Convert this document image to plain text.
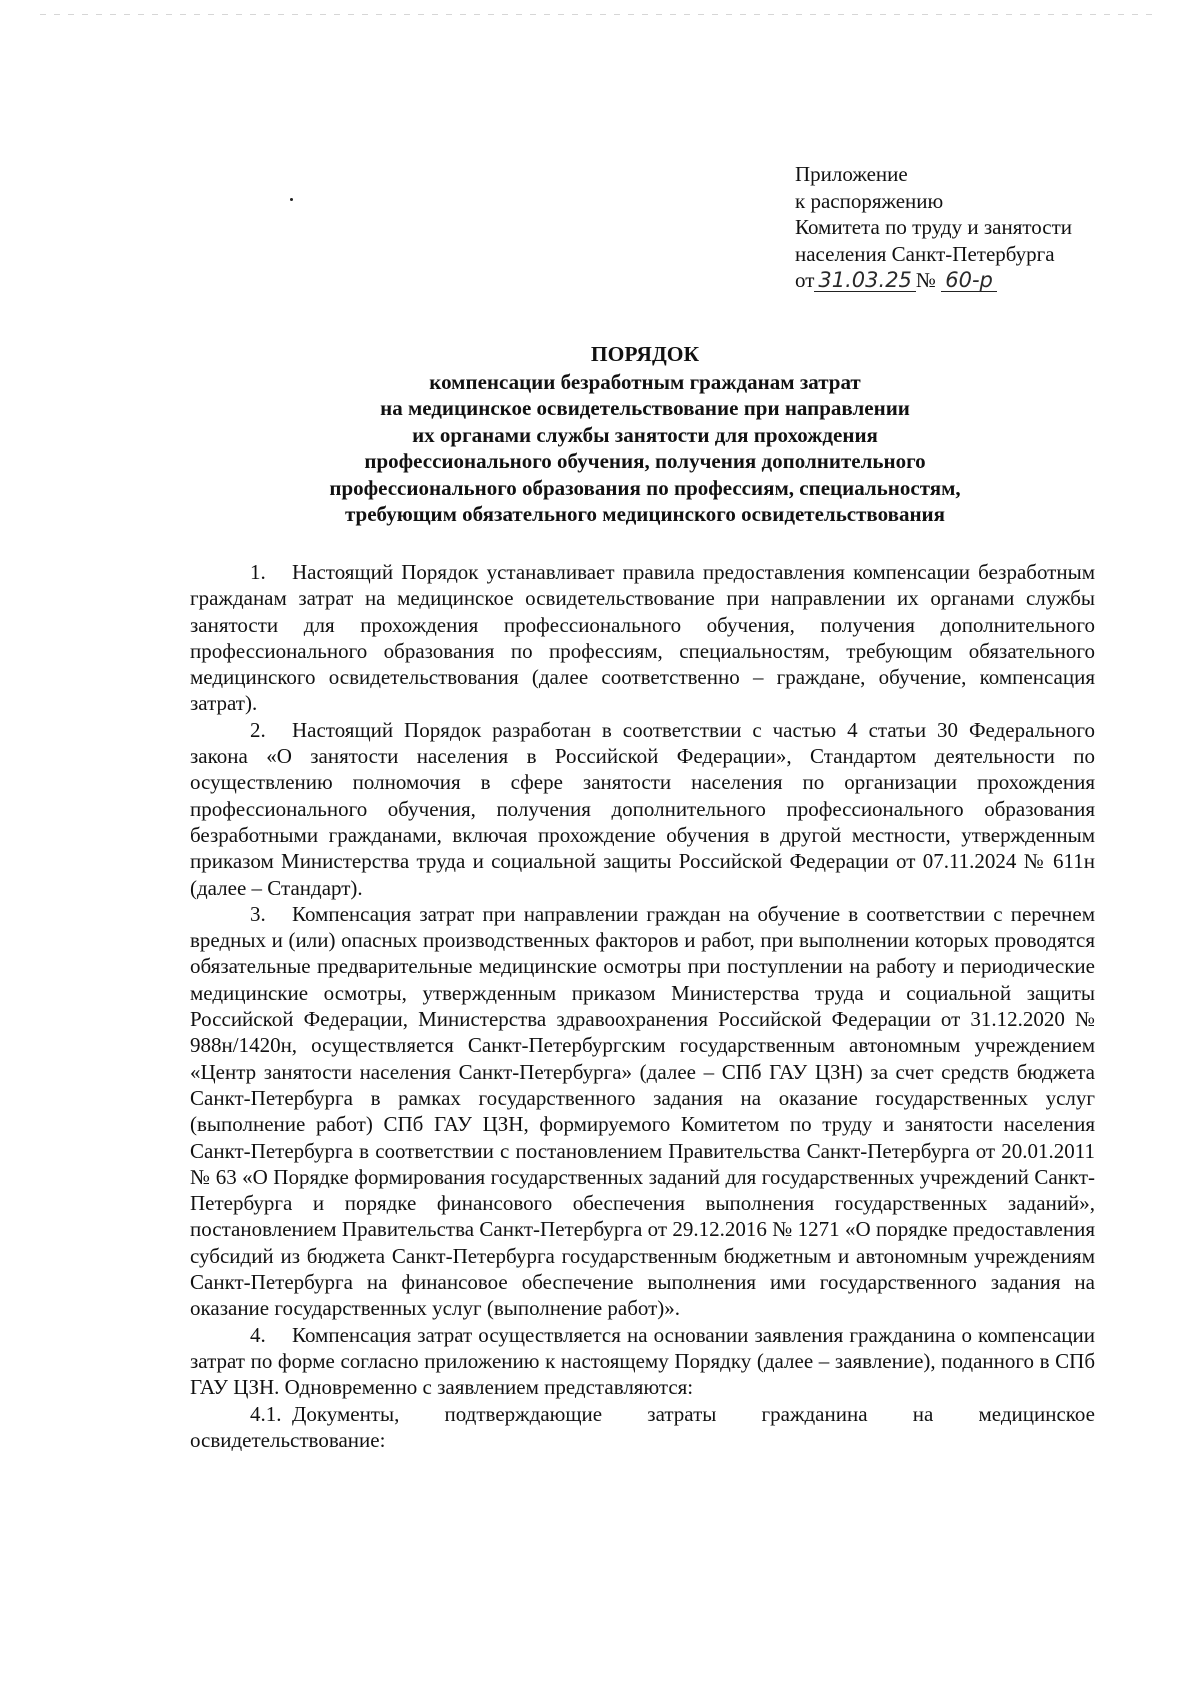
Приложение
к распоряжению
Комитета по труду и занятости
населения Санкт-Петербурга
от 31.03.25 № 60-р
ПОРЯДОК
компенсации безработным гражданам затрат
на медицинское освидетельствование при направлении
их органами службы занятости для прохождения
профессионального обучения, получения дополнительного
профессионального образования по профессиям, специальностям,
требующим обязательного медицинского освидетельствования

1. Настоящий Порядок устанавливает правила предоставления компенсации безработным гражданам затрат на медицинское освидетельствование при направлении их органами службы занятости для прохождения профессионального обучения, получения дополнительного профессионального образования по профессиям, специальностям, требующим обязательного медицинского освидетельствования (далее соответственно – граждане, обучение, компенсация затрат).

2. Настоящий Порядок разработан в соответствии с частью 4 статьи 30 Федерального закона «О занятости населения в Российской Федерации», Стандартом деятельности по осуществлению полномочия в сфере занятости населения по организации прохождения профессионального обучения, получения дополнительного профессионального образования безработными гражданами, включая прохождение обучения в другой местности, утвержденным приказом Министерства труда и социальной защиты Российской Федерации от 07.11.2024 № 611н (далее – Стандарт).

3. Компенсация затрат при направлении граждан на обучение в соответствии с перечнем вредных и (или) опасных производственных факторов и работ, при выполнении которых проводятся обязательные предварительные медицинские осмотры при поступлении на работу и периодические медицинские осмотры, утвержденным приказом Министерства труда и социальной защиты Российской Федерации, Министерства здравоохранения Российской Федерации от 31.12.2020 № 988н/1420н, осуществляется Санкт-Петербургским государственным автономным учреждением «Центр занятости населения Санкт-Петербурга» (далее – СПб ГАУ ЦЗН) за счет средств бюджета Санкт-Петербурга в рамках государственного задания на оказание государственных услуг (выполнение работ) СПб ГАУ ЦЗН, формируемого Комитетом по труду и занятости населения Санкт-Петербурга в соответствии с постановлением Правительства Санкт-Петербурга от 20.01.2011 № 63 «О Порядке формирования государственных заданий для государственных учреждений Санкт-Петербурга и порядке финансового обеспечения выполнения государственных заданий», постановлением Правительства Санкт-Петербурга от 29.12.2016 № 1271 «О порядке предоставления субсидий из бюджета Санкт-Петербурга государственным бюджетным и автономным учреждениям Санкт-Петербурга на финансовое обеспечение выполнения ими государственного задания на оказание государственных услуг (выполнение работ)».

4. Компенсация затрат осуществляется на основании заявления гражданина о компенсации затрат по форме согласно приложению к настоящему Порядку (далее – заявление), поданного в СПб ГАУ ЦЗН. Одновременно с заявлением представляются:

4.1. Документы, подтверждающие затраты гражданина на медицинское освидетельствование:
